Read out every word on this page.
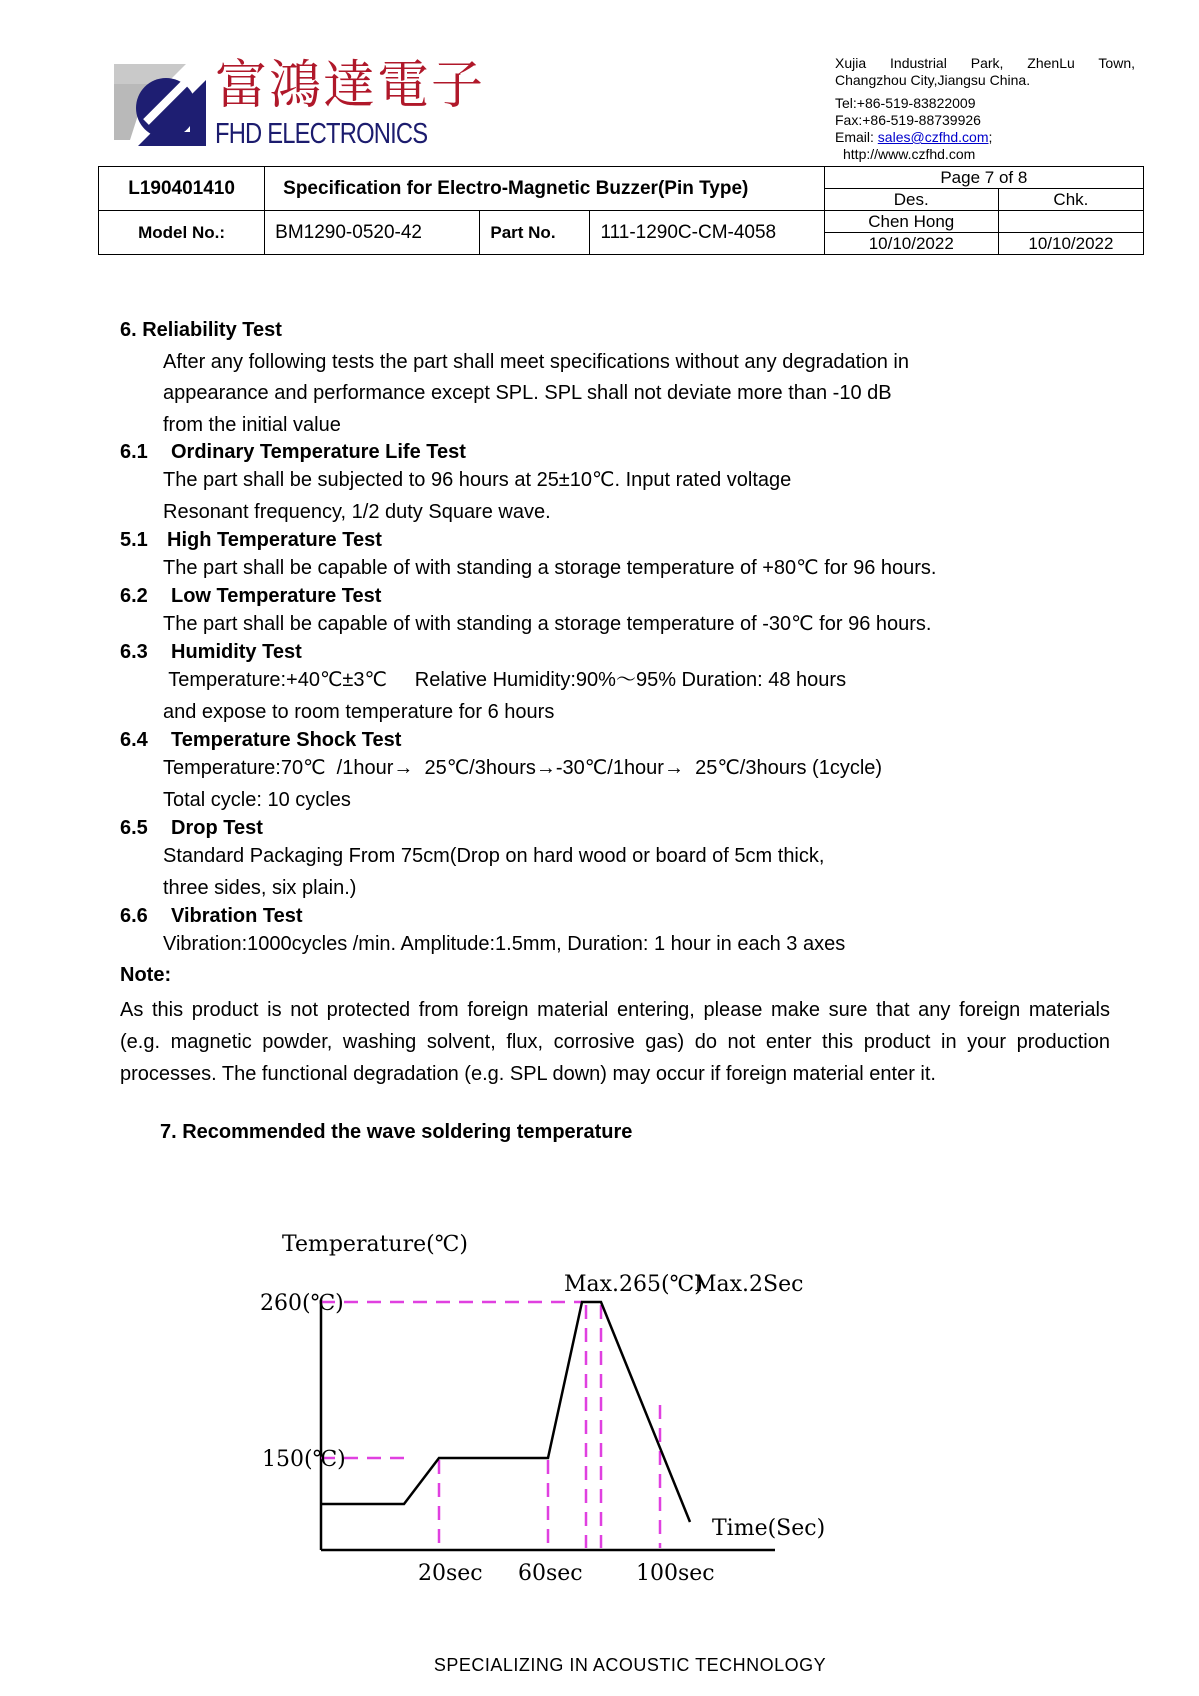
富鴻達電子
FHD ELECTRONICS
Xujia Industrial Park, ZhenLu Town,
Changzhou City,Jiangsu China.
Tel:+86-519-83822009
Fax:+86-519-88739926
Email: sales@czfhd.com;
http://www.czfhd.com
L190401410	Specification for Electro-Magnetic Buzzer(Pin Type)			Page 7 of 8	
				Des.	Chk.
Model No.:	BM1290-0520-42	Part No.	111-1290C-CM-4058	Chen Hong	
				10/10/2022	10/10/2022
6. Reliability Test
After any following tests the part shall meet specifications without any degradation in
appearance and performance except SPL. SPL shall not deviate more than -10 dB
from the initial value
6.1 Ordinary Temperature Life Test
The part shall be subjected to 96 hours at 25±10℃. Input rated voltage
Resonant frequency, 1/2 duty Square wave.
5.1 High Temperature Test
The part shall be capable of with standing a storage temperature of +80℃ for 96 hours.
6.2 Low Temperature Test
The part shall be capable of with standing a storage temperature of -30℃ for 96 hours.
6.3 Humidity Test
Temperature:+40℃±3℃     Relative Humidity:90%～95% Duration: 48 hours
and expose to room temperature for 6 hours
6.4 Temperature Shock Test
Temperature:70℃  /1hour→  25℃/3hours→-30℃/1hour→  25℃/3hours (1cycle)
Total cycle: 10 cycles
6.5 Drop Test
Standard Packaging From 75cm(Drop on hard wood or board of 5cm thick,
three sides, six plain.)
6.6 Vibration Test
Vibration:1000cycles /min. Amplitude:1.5mm, Duration: 1 hour in each 3 axes
Note:

As this product is not protected from foreign material entering, please make sure that any foreign materials

(e.g. magnetic powder, washing solvent, flux, corrosive gas) do not enter this product in your production

processes. The functional degradation (e.g. SPL down) may occur if foreign material enter it.

7. Recommended the wave soldering temperature
Temperature(℃)
260(℃)
150(℃)
Max.265(℃)
Max.2Sec
Time(Sec)
20sec 60sec 100sec
SPECIALIZING IN ACOUSTIC TECHNOLOGY
